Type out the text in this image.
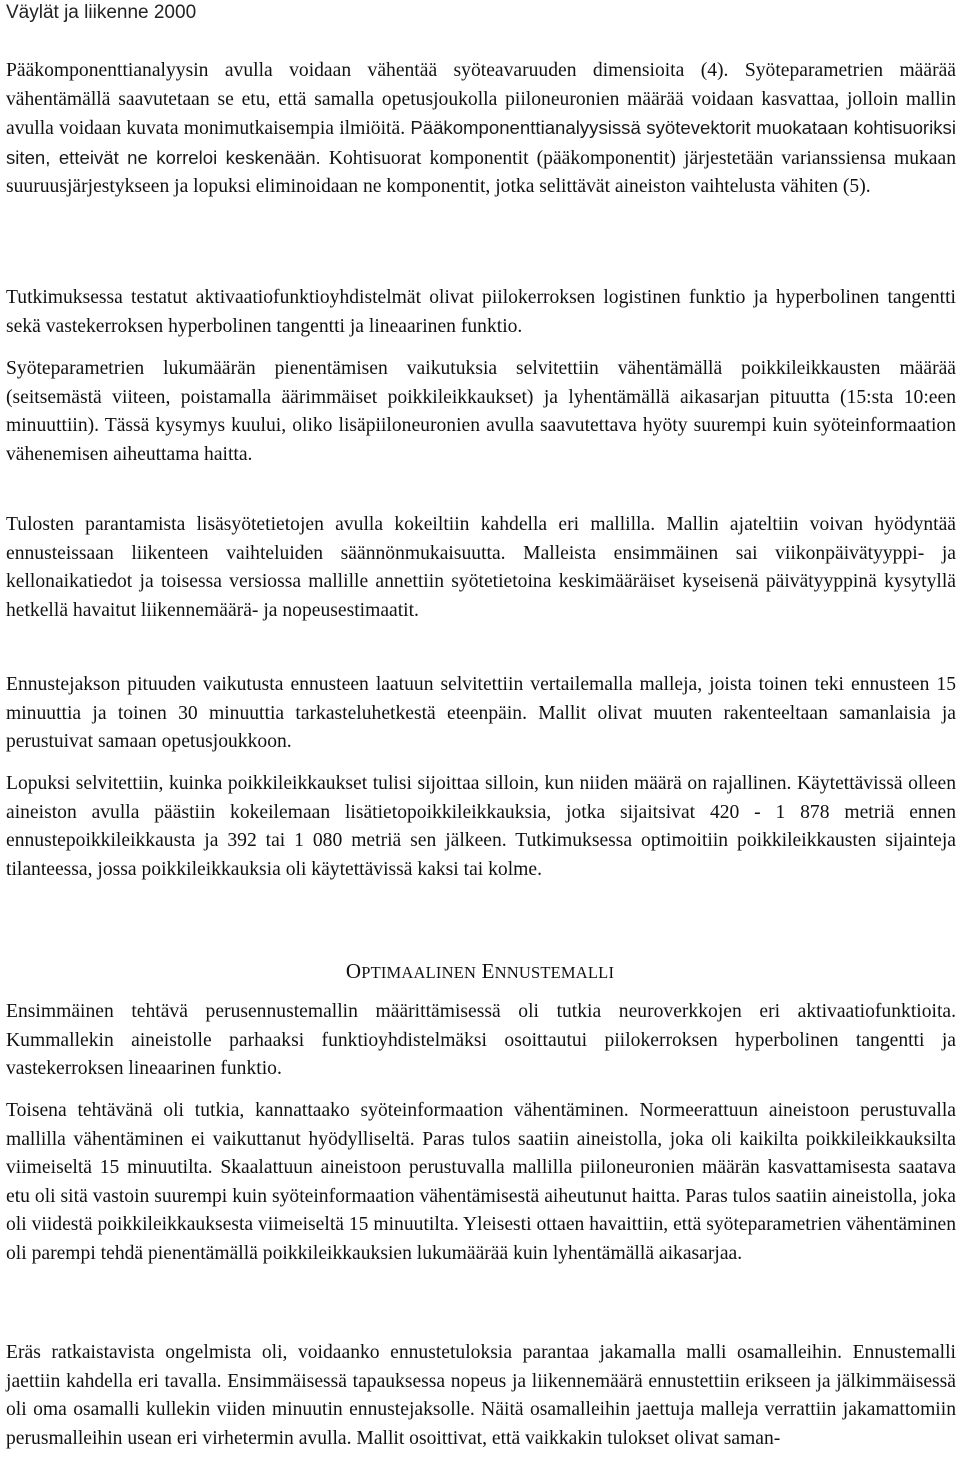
Väylät ja liikenne 2000

Pääkomponenttianalyysin avulla voidaan vähentää syöteavaruuden dimensioita (4). Syöteparametrien määrää vähentämällä saavutetaan se etu, että samalla opetusjoukolla piiloneuronien määrää voidaan kasvattaa, jolloin mallin avulla voidaan kuvata monimutkaisempia ilmiöitä. Pääkomponenttianalyysissä syötevektorit muokataan kohtisuoriksi siten, etteivät ne korreloi keskenään. Kohtisuorat komponentit (pääkomponentit) järjestetään varianssiensa mukaan suuruusjärjestykseen ja lopuksi eliminoidaan ne komponentit, jotka selittävät aineiston vaihtelusta vähiten (5).

Tutkimuksessa testatut aktivaatiofunktioyhdistelmät olivat piilokerroksen logistinen funktio ja hyperbolinen tangentti sekä vastekerroksen hyperbolinen tangentti ja lineaarinen funktio.

Syöteparametrien lukumäärän pienentämisen vaikutuksia selvitettiin vähentämällä poikkileikkausten määrää (seitsemästä viiteen, poistamalla äärimmäiset poikkileikkaukset) ja lyhentämällä aikasarjan pituutta (15:sta 10:een minuuttiin). Tässä kysymys kuului, oliko lisäpiiloneuronien avulla saavutettava hyöty suurempi kuin syöteinformaation vähenemisen aiheuttama haitta.

Tulosten parantamista lisäsyötetietojen avulla kokeiltiin kahdella eri mallilla. Mallin ajateltiin voivan hyödyntää ennusteissaan liikenteen vaihteluiden säännönmukaisuutta. Malleista ensimmäinen sai viikonpäivätyyppi- ja kellonaikatiedot ja toisessa versiossa mallille annettiin syötetietoina keskimääräiset kyseisenä päivätyyppinä kysytyllä hetkellä havaitut liikennemäärä- ja nopeusestimaatit.

Ennustejakson pituuden vaikutusta ennusteen laatuun selvitettiin vertailemalla malleja, joista toinen teki ennusteen 15 minuuttia ja toinen 30 minuuttia tarkasteluhetkestä eteenpäin. Mallit olivat muuten rakenteeltaan samanlaisia ja perustuivat samaan opetusjoukkoon.

Lopuksi selvitettiin, kuinka poikkileikkaukset tulisi sijoittaa silloin, kun niiden määrä on rajallinen. Käytettävissä olleen aineiston avulla päästiin kokeilemaan lisätietopoikkileikkauksia, jotka sijaitsivat 420 - 1 878 metriä ennen ennustepoikkileikkausta ja 392 tai 1 080 metriä sen jälkeen. Tutkimuksessa optimoitiin poikkileikkausten sijainteja tilanteessa, jossa poikkileikkauksia oli käytettävissä kaksi tai kolme.

OPTIMAALINEN ENNUSTEMALLI

Ensimmäinen tehtävä perusennustemallin määrittämisessä oli tutkia neuroverkkojen eri aktivaatiofunktioita. Kummallekin aineistolle parhaaksi funktioyhdistelmäksi osoittautui piilokerroksen hyperbolinen tangentti ja vastekerroksen lineaarinen funktio.

Toisena tehtävänä oli tutkia, kannattaako syöteinformaation vähentäminen. Normeerattuun aineistoon perustuvalla mallilla vähentäminen ei vaikuttanut hyödylliseltä. Paras tulos saatiin aineistolla, joka oli kaikilta poikkileikkauksilta viimeiseltä 15 minuutilta. Skaalattuun aineistoon perustuvalla mallilla piiloneuronien määrän kasvattamisesta saatava etu oli sitä vastoin suurempi kuin syöteinformaation vähentämisestä aiheutunut haitta. Paras tulos saatiin aineistolla, joka oli viidestä poikkileikkauksesta viimeiseltä 15 minuutilta. Yleisesti ottaen havaittiin, että syöteparametrien vähentäminen oli parempi tehdä pienentämällä poikkileikkauksien lukumäärää kuin lyhentämällä aikasarjaa.

Eräs ratkaistavista ongelmista oli, voidaanko ennustetuloksia parantaa jakamalla malli osamalleihin. Ennustemalli jaettiin kahdella eri tavalla. Ensimmäisessä tapauksessa nopeus ja liikennemäärä ennustettiin erikseen ja jälkimmäisessä oli oma osamalli kullekin viiden minuutin ennustejaksolle. Näitä osamalleihin jaettuja malleja verrattiin jakamattomiin perusmalleihin usean eri virhetermin avulla. Mallit osoittivat, että vaikkakin tulokset olivat saman-
